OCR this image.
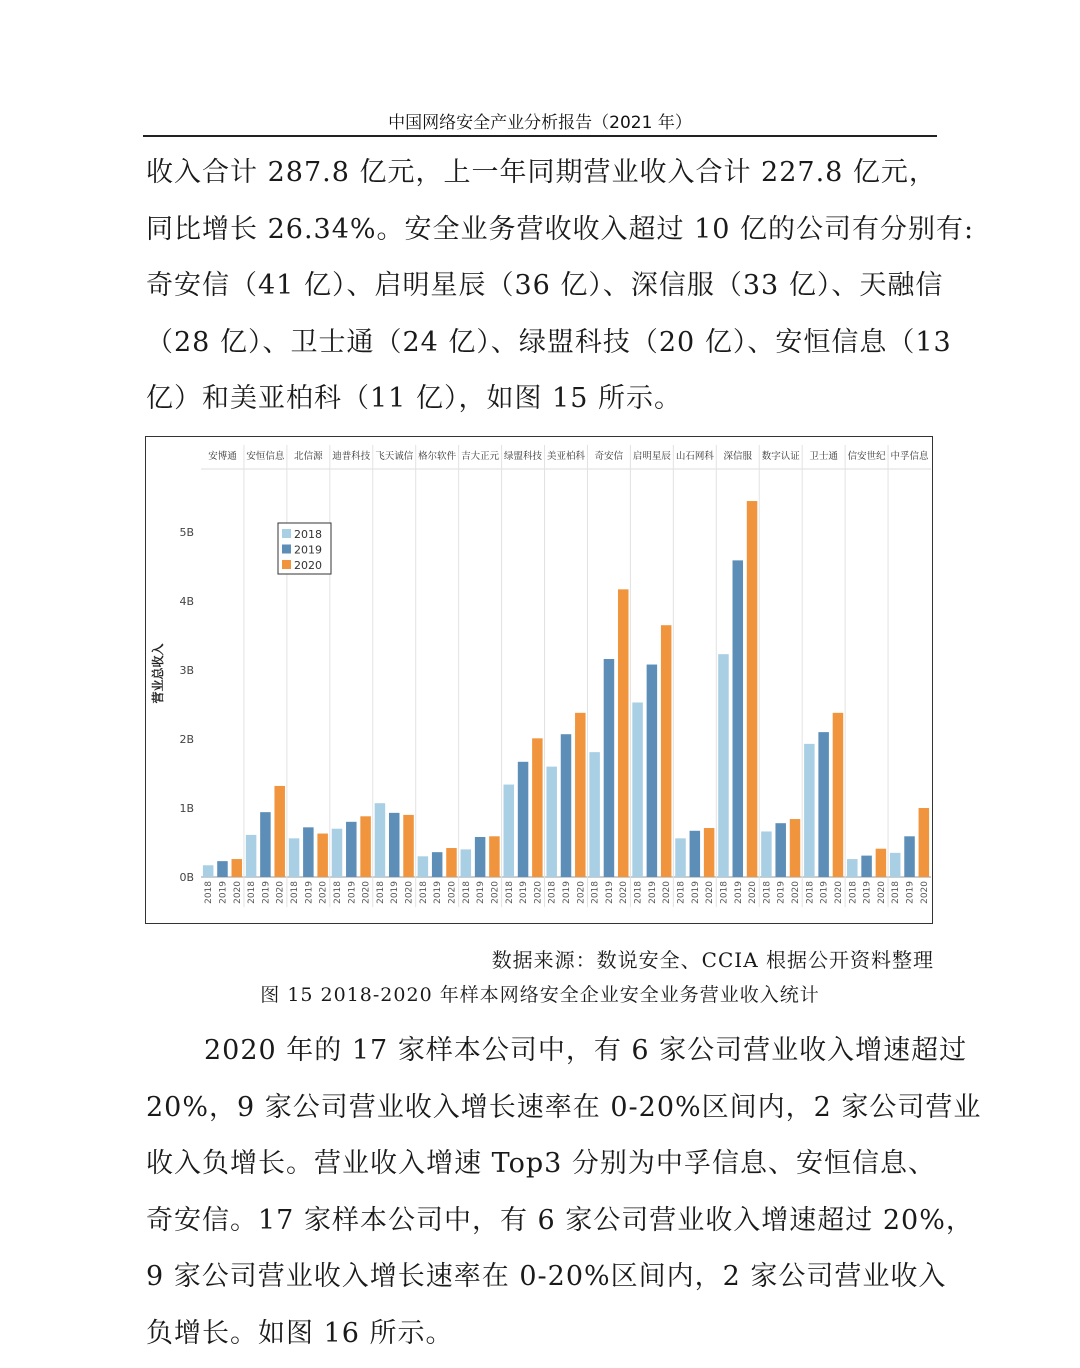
中国网络安全产业分析报告（2021 年）
收入合计 287.8 亿元，上一年同期营业收入合计 227.8 亿元，
同比增长 26.34%。安全业务营收收入超过 10 亿的公司有分别有:
奇安信（41 亿）、启明星辰（36 亿）、深信服（33 亿）、天融信
（28 亿）、卫士通（24 亿）、绿盟科技（20 亿）、安恒信息（13
亿）和美亚柏科（11 亿），如图 15 所示。
0B
1B
2B
3B
4B
5B
营业总收入
安博通
2018 2019 2020
安恒信息
2018 2019 2020
北信源
2018 2019 2020
迪普科技
2018 2019 2020
飞天诚信
2018 2019 2020
格尔软件
2018 2019 2020
吉大正元
2018 2019 2020
绿盟科技
2018 2019 2020
美亚柏科
2018 2019 2020
奇安信
2018 2019 2020
启明星辰
2018 2019 2020
山石网科
2018 2019 2020
深信服
2018 2019 2020
数字认证
2018 2019 2020
卫士通
2018 2019 2020
信安世纪
2018 2019 2020
中孚信息
2018 2019 2020
2018
2019
2020
数据来源：数说安全、CCIA 根据公开资料整理
图 15 2018-2020 年样本网络安全企业安全业务营业收入统计
2020 年的 17 家样本公司中，有 6 家公司营业收入增速超过
20%，9 家公司营业收入增长速率在 0-20%区间内，2 家公司营业
收入负增长。营业收入增速 Top3 分别为中孚信息、安恒信息、
奇安信。17 家样本公司中，有 6 家公司营业收入增速超过 20%，
9 家公司营业收入增长速率在 0-20%区间内，2 家公司营业收入
负增长。如图 16 所示。
